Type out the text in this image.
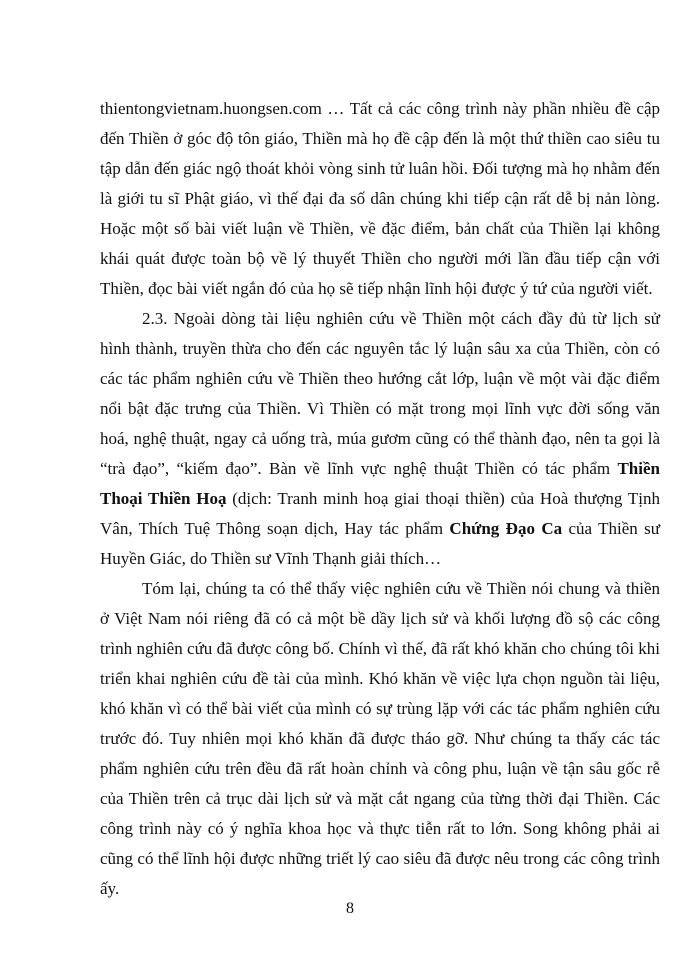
thientongvietnam.huongsen.com … Tất cả các công trình này phần nhiều đề cập đến Thiền ở góc độ tôn giáo, Thiền mà họ đề cập đến là một thứ thiền cao siêu tu tập dẫn đến giác ngộ thoát khỏi vòng sinh tử luân hồi. Đối tượng mà họ nhằm đến là giới tu sĩ Phật giáo, vì thế đại đa số dân chúng khi tiếp cận rất dễ bị nản lòng. Hoặc một số bài viết luận về Thiền, về đặc điểm, bản chất của Thiền lại không khái quát được toàn bộ về lý thuyết Thiền cho người mới lần đầu tiếp cận với Thiền, đọc bài viết ngắn đó của họ sẽ tiếp nhận lĩnh hội được ý tứ của người viết.

2.3. Ngoài dòng tài liệu nghiên cứu về Thiền một cách đầy đủ từ lịch sử hình thành, truyền thừa cho đến các nguyên tắc lý luận sâu xa của Thiền, còn có các tác phẩm nghiên cứu về Thiền theo hướng cắt lớp, luận về một vài đặc điểm nổi bật đặc trưng của Thiền. Vì Thiền có mặt trong mọi lĩnh vực đời sống văn hoá, nghệ thuật, ngay cả uống trà, múa gươm cũng có thể thành đạo, nên ta gọi là “trà đạo”, “kiếm đạo”. Bàn về lĩnh vực nghệ thuật Thiền có tác phẩm Thiền Thoại Thiền Hoạ (dịch: Tranh minh hoạ giai thoại thiền) của Hoà thượng Tịnh Vân, Thích Tuệ Thông soạn dịch, Hay tác phẩm Chứng Đạo Ca của Thiền sư Huyền Giác, do Thiền sư Vĩnh Thạnh giải thích…

Tóm lại, chúng ta có thể thấy việc nghiên cứu về Thiền nói chung và thiền ở Việt Nam nói riêng đã có cả một bề dầy lịch sử và khối lượng đồ sộ các công trình nghiên cứu đã được công bố. Chính vì thế, đã rất khó khăn cho chúng tôi khi triển khai nghiên cứu đề tài của mình. Khó khăn về việc lựa chọn nguồn tài liệu, khó khăn vì có thể bài viết của mình có sự trùng lặp với các tác phẩm nghiên cứu trước đó. Tuy nhiên mọi khó khăn đã được tháo gỡ. Như chúng ta thấy các tác phẩm nghiên cứu trên đều đã rất hoàn chỉnh và công phu, luận về tận sâu gốc rễ của Thiền trên cả trục dài lịch sử và mặt cắt ngang của từng thời đại Thiền. Các công trình này có ý nghĩa khoa học và thực tiễn rất to lớn. Song không phải ai cũng có thể lĩnh hội được những triết lý cao siêu đã được nêu trong các công trình ấy.

8
